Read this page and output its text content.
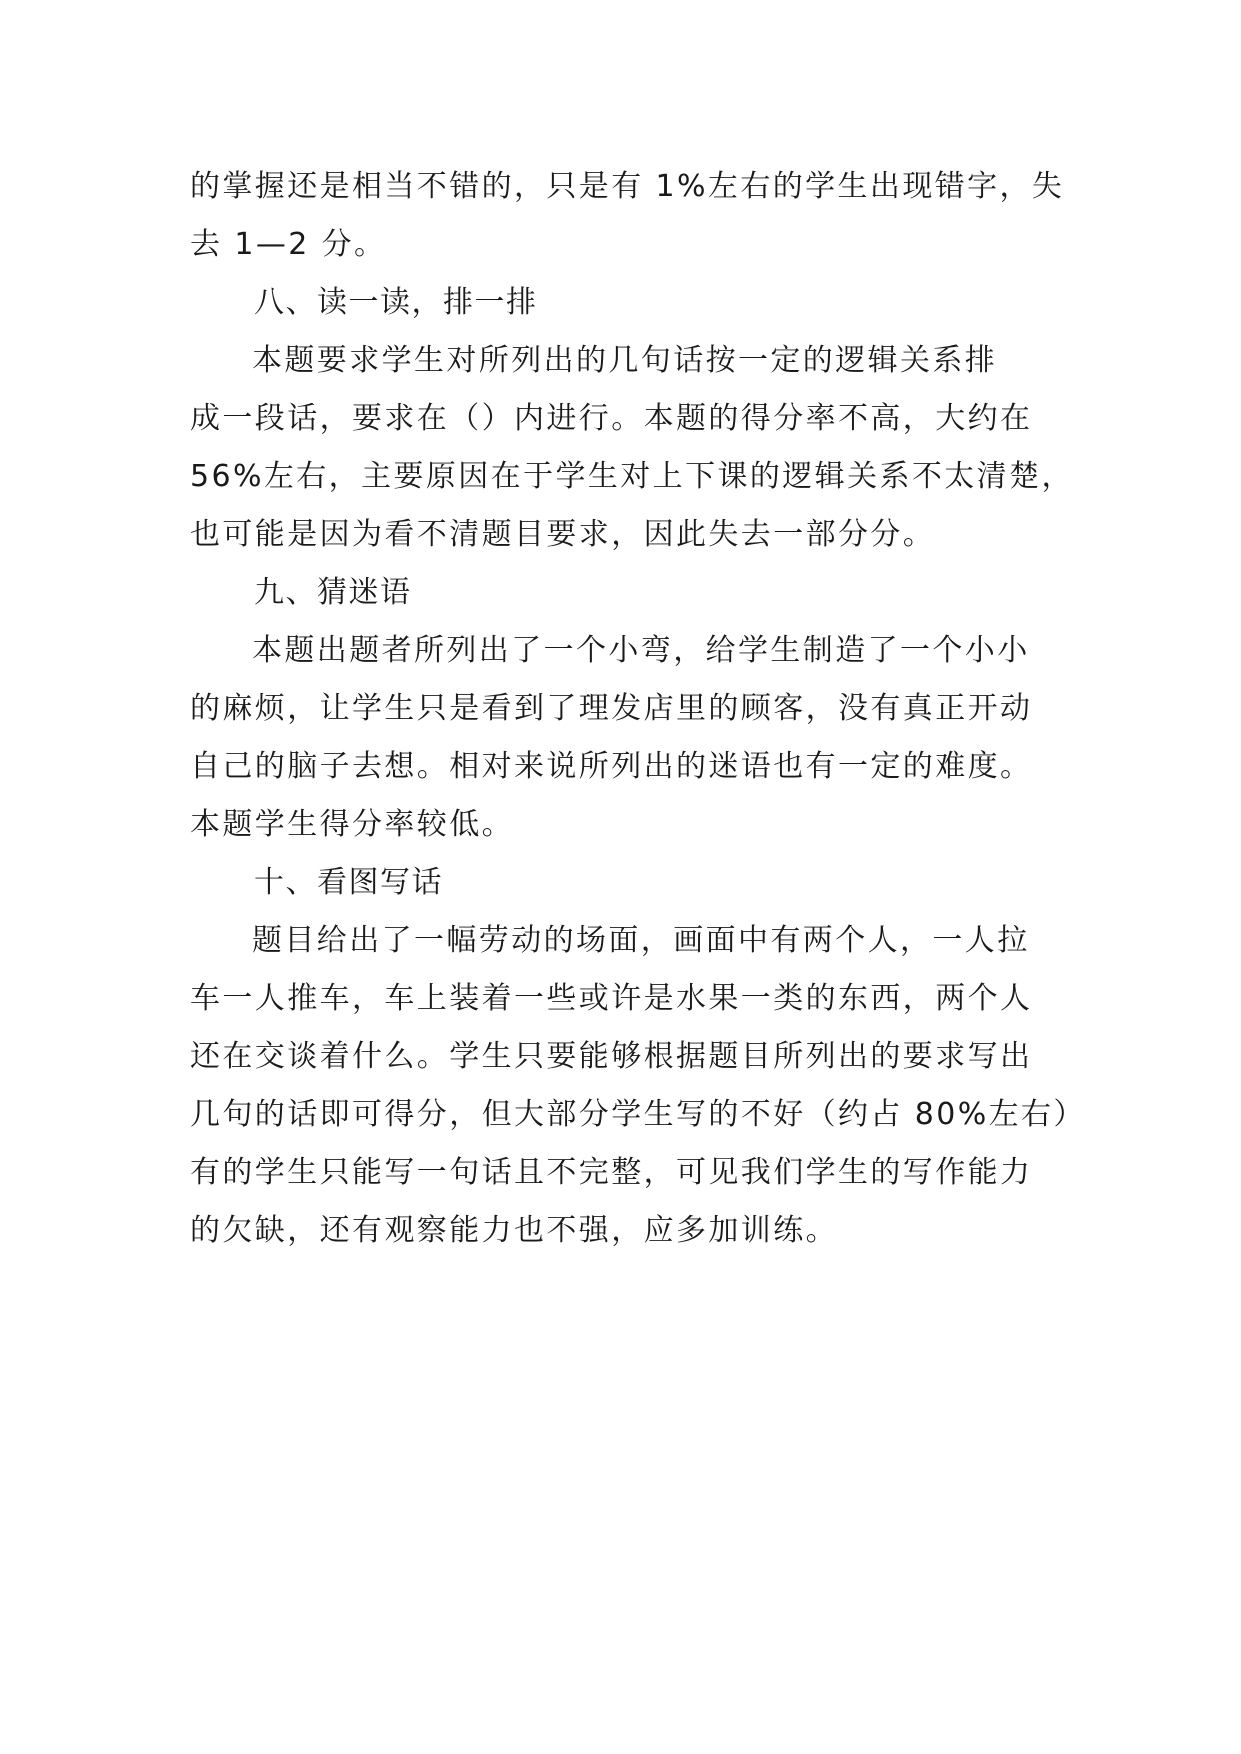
的掌握还是相当不错的，只是有 1%左右的学生出现错字，失
去 1—2 分。
八、读一读，排一排
本题要求学生对所列出的几句话按一定的逻辑关系排
成一段话，要求在（）内进行。本题的得分率不高，大约在
56%左右，主要原因在于学生对上下课的逻辑关系不太清楚，
也可能是因为看不清题目要求，因此失去一部分分。
九、猜迷语
本题出题者所列出了一个小弯，给学生制造了一个小小
的麻烦，让学生只是看到了理发店里的顾客，没有真正开动
自己的脑子去想。相对来说所列出的迷语也有一定的难度。
本题学生得分率较低。
十、看图写话
题目给出了一幅劳动的场面，画面中有两个人，一人拉
车一人推车，车上装着一些或许是水果一类的东西，两个人
还在交谈着什么。学生只要能够根据题目所列出的要求写出
几句的话即可得分，但大部分学生写的不好（约占 80%左右）
有的学生只能写一句话且不完整，可见我们学生的写作能力
的欠缺，还有观察能力也不强，应多加训练。
